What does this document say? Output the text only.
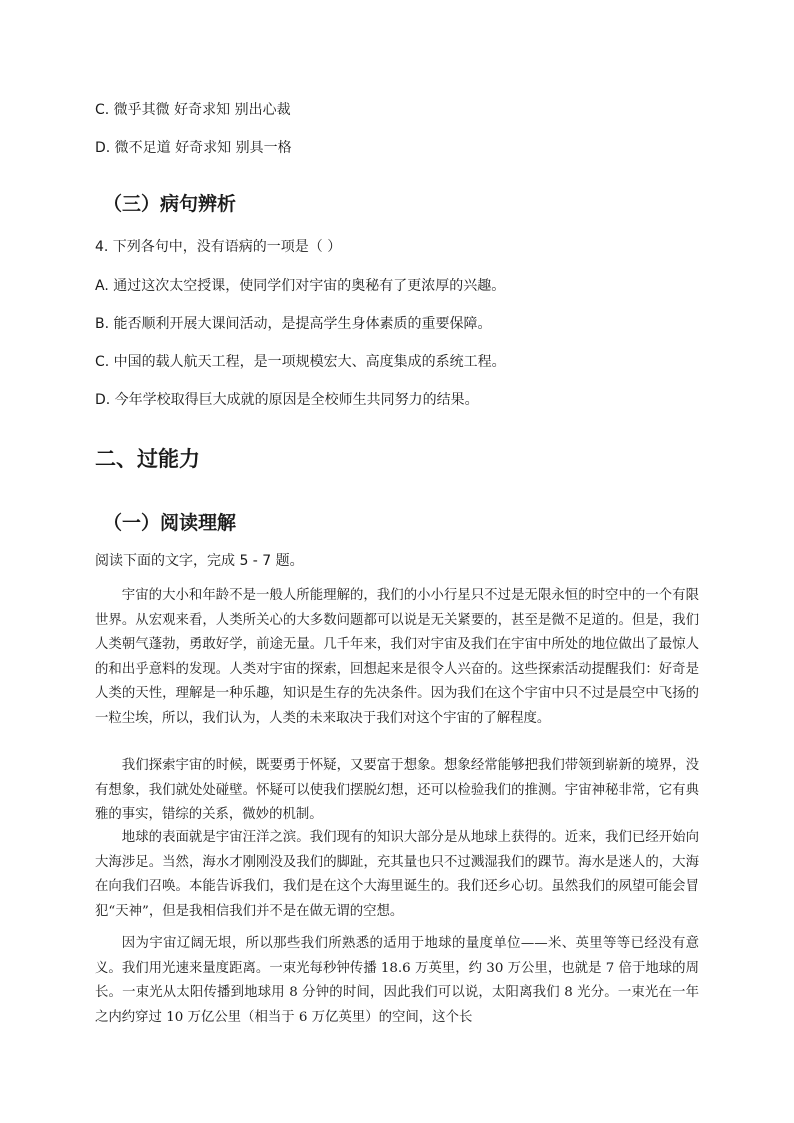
C. 微乎其微 好奇求知 别出心裁
D. 微不足道 好奇求知 别具一格
（三）病句辨析
4. 下列各句中，没有语病的一项是（ ）
A. 通过这次太空授课，使同学们对宇宙的奥秘有了更浓厚的兴趣。
B. 能否顺利开展大课间活动，是提高学生身体素质的重要保障。
C. 中国的载人航天工程，是一项规模宏大、高度集成的系统工程。
D. 今年学校取得巨大成就的原因是全校师生共同努力的结果。
二、过能力
（一）阅读理解
阅读下面的文字，完成 5 - 7 题。

宇宙的大小和年龄不是一般人所能理解的，我们的小小行星只不过是无限永恒的时空中的一个有限世界。从宏观来看，人类所关心的大多数问题都可以说是无关紧要的，甚至是微不足道的。但是，我们人类朝气蓬勃，勇敢好学，前途无量。几千年来，我们对宇宙及我们在宇宙中所处的地位做出了最惊人的和出乎意料的发现。人类对宇宙的探索，回想起来是很令人兴奋的。这些探索活动提醒我们：好奇是人类的天性，理解是一种乐趣，知识是生存的先决条件。因为我们在这个宇宙中只不过是晨空中飞扬的一粒尘埃，所以，我们认为，人类的未来取决于我们对这个宇宙的了解程度。

我们探索宇宙的时候，既要勇于怀疑，又要富于想象。想象经常能够把我们带领到崭新的境界，没有想象，我们就处处碰壁。怀疑可以使我们摆脱幻想，还可以检验我们的推测。宇宙神秘非常，它有典雅的事实，错综的关系，微妙的机制。

地球的表面就是宇宙汪洋之滨。我们现有的知识大部分是从地球上获得的。近来，我们已经开始向大海涉足。当然，海水才刚刚没及我们的脚趾，充其量也只不过溅湿我们的踝节。海水是迷人的，大海在向我们召唤。本能告诉我们，我们是在这个大海里诞生的。我们还乡心切。虽然我们的夙望可能会冒犯“天神”，但是我相信我们并不是在做无谓的空想。

因为宇宙辽阔无垠，所以那些我们所熟悉的适用于地球的量度单位——米、英里等等已经没有意义。我们用光速来量度距离。一束光每秒钟传播 18.6 万英里，约 30 万公里，也就是 7 倍于地球的周长。一束光从太阳传播到地球用 8 分钟的时间，因此我们可以说，太阳离我们 8 光分。一束光在一年之内约穿过 10 万亿公里（相当于 6 万亿英里）的空间，这个长
